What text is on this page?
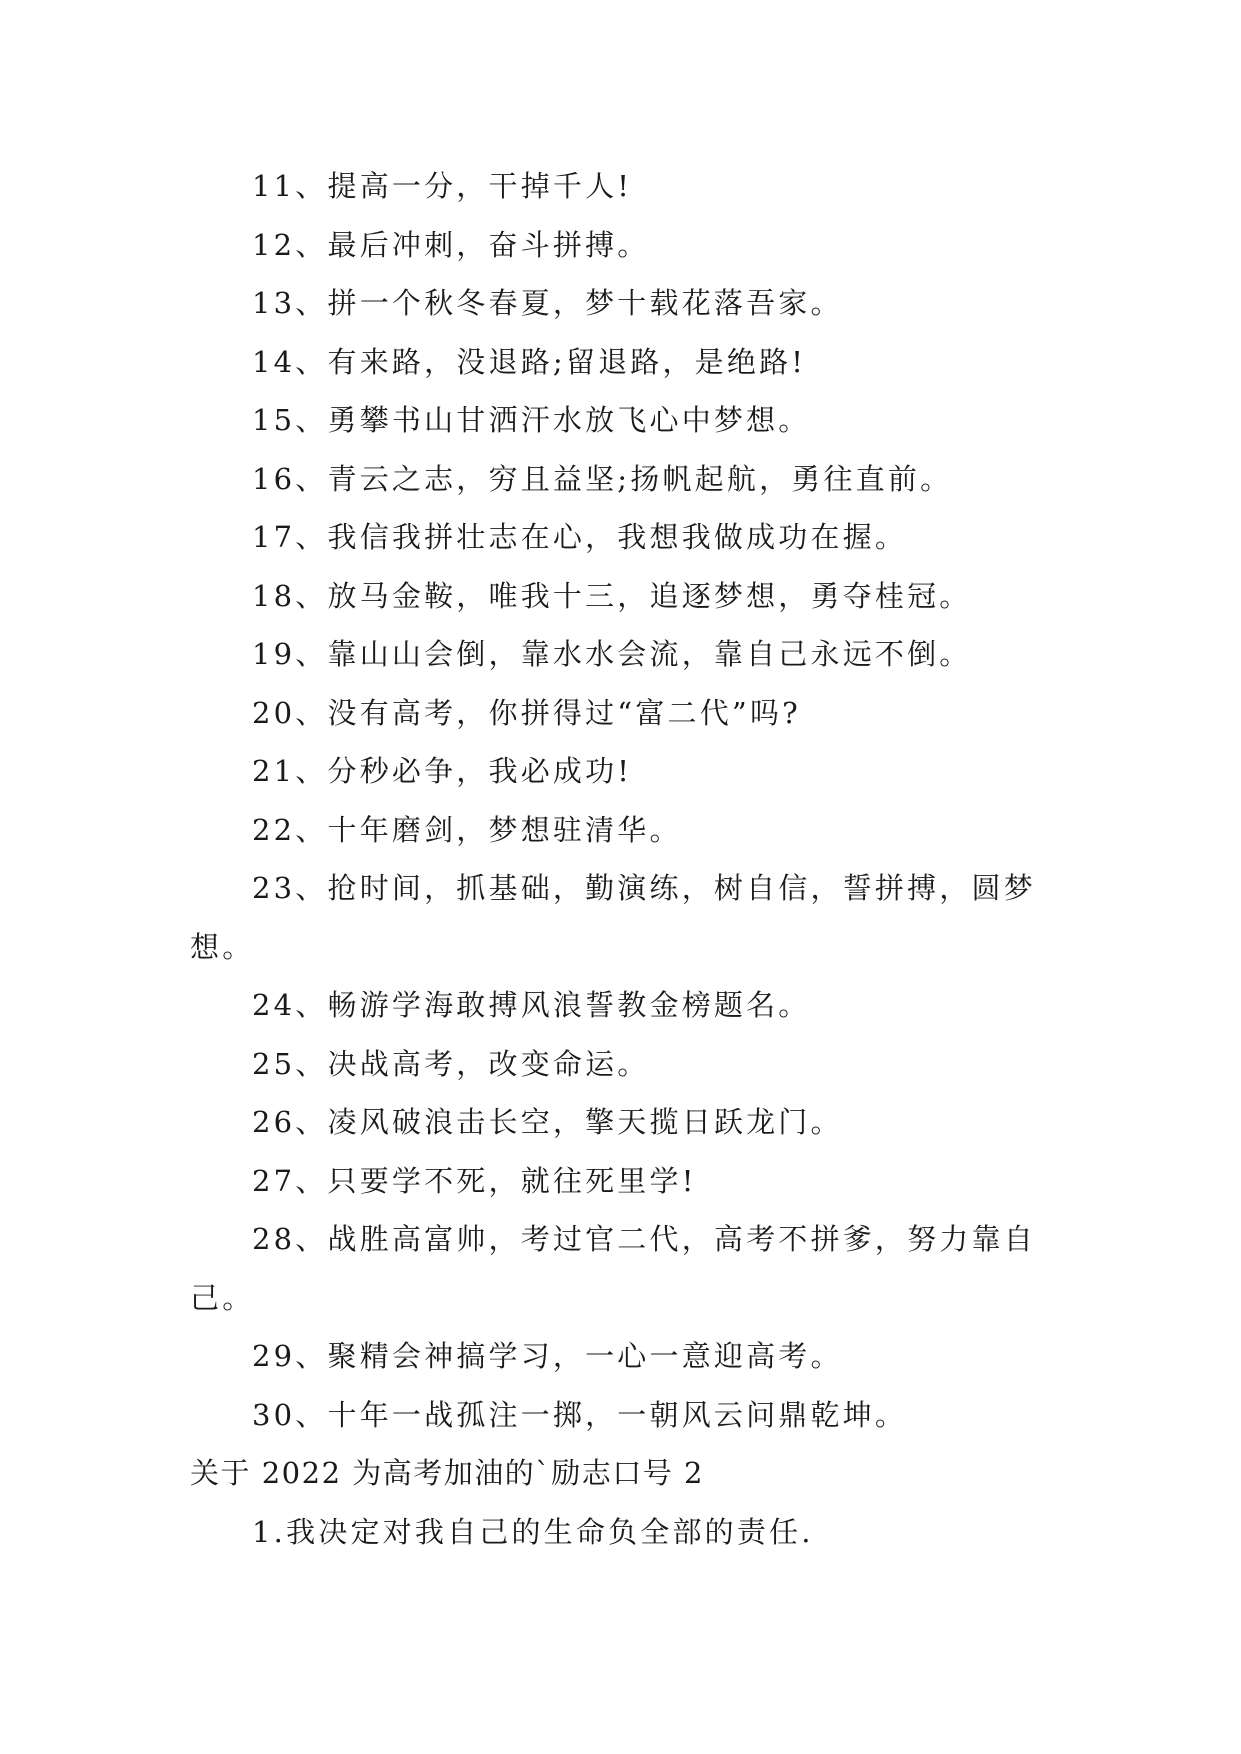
11、提高一分，干掉千人!

12、最后冲刺，奋斗拼搏。

13、拼一个秋冬春夏，梦十载花落吾家。

14、有来路，没退路;留退路，是绝路!

15、勇攀书山甘洒汗水放飞心中梦想。

16、青云之志，穷且益坚;扬帆起航，勇往直前。

17、我信我拼壮志在心，我想我做成功在握。

18、放马金鞍，唯我十三，追逐梦想，勇夺桂冠。

19、靠山山会倒，靠水水会流，靠自己永远不倒。

20、没有高考，你拼得过“富二代”吗?

21、分秒必争，我必成功!

22、十年磨剑，梦想驻清华。

23、抢时间，抓基础，勤演练，树自信，誓拼搏，圆梦想。

24、畅游学海敢搏风浪誓教金榜题名。

25、决战高考，改变命运。

26、凌风破浪击长空，擎天揽日跃龙门。

27、只要学不死，就往死里学!

28、战胜高富帅，考过官二代，高考不拼爹，努力靠自己。

29、聚精会神搞学习，一心一意迎高考。

30、十年一战孤注一掷，一朝风云问鼎乾坤。

关于 2022 为高考加油的`励志口号 2

1.我决定对我自己的生命负全部的责任.
